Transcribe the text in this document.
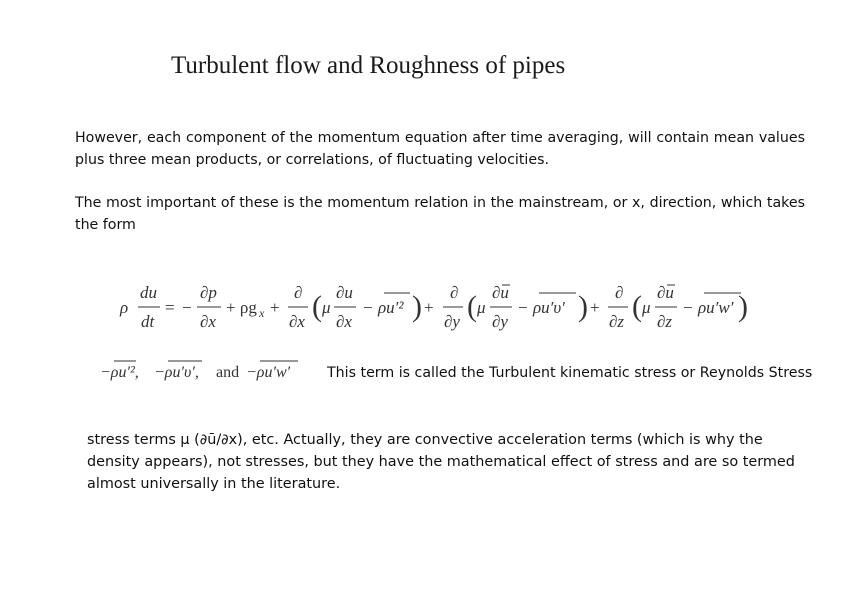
Turbulent flow and Roughness of pipes
However, each component of the momentum equation after time averaging, will contain mean values plus three mean products, or correlations, of fluctuating velocities.
The most important of these is the momentum relation in the mainstream, or x, direction, which takes the form
ρ
du
dt
= −
∂p
∂x
+ ρg x +
∂
∂x ( μ
∂u
∂x
− ρu′² ) +
∂
∂y ( μ
∂u
∂y
− ρu′υ′ ) +
∂
∂z ( μ
∂u
∂z
− ρu′w′ )
−ρu′², −ρu′υ′, and −ρu′w′	This term is called the Turbulent kinematic stress or Reynolds Stress
stress terms μ (∂ū/∂x), etc. Actually, they are convective acceleration terms (which is why the density appears), not stresses, but they have the mathematical effect of stress and are so termed almost universally in the literature.
